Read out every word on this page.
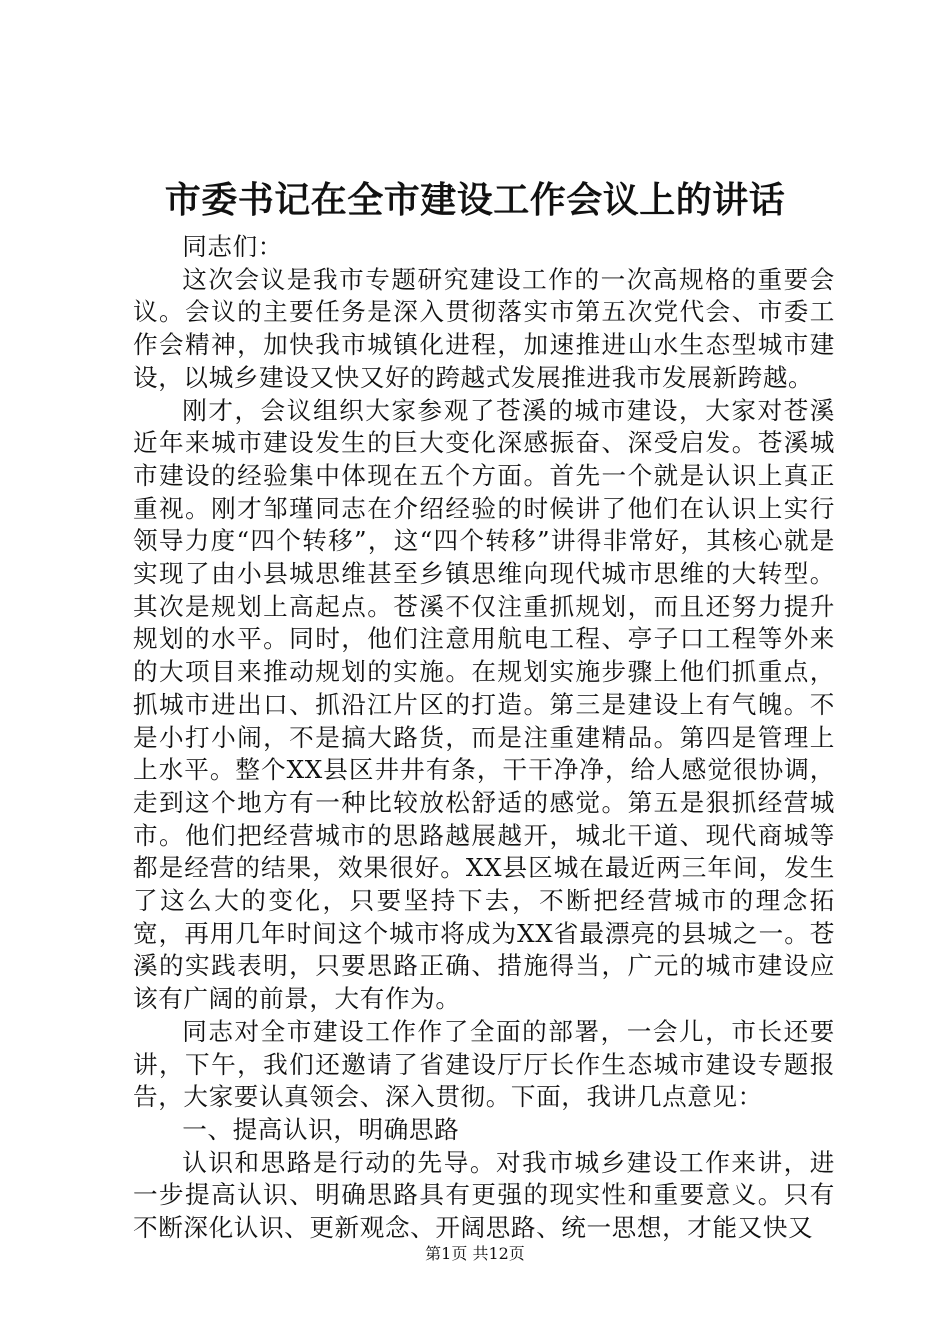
市委书记在全市建设工作会议上的讲话

同志们：

这次会议是我市专题研究建设工作的一次高规格的重要会议。会议的主要任务是深入贯彻落实市第五次党代会、市委工作会精神，加快我市城镇化进程，加速推进山水生态型城市建设，以城乡建设又快又好的跨越式发展推进我市发展新跨越。

刚才，会议组织大家参观了苍溪的城市建设，大家对苍溪近年来城市建设发生的巨大变化深感振奋、深受启发。苍溪城市建设的经验集中体现在五个方面。首先一个就是认识上真正重视。刚才邹瑾同志在介绍经验的时候讲了他们在认识上实行领导力度“四个转移”，这“四个转移”讲得非常好，其核心就是实现了由小县城思维甚至乡镇思维向现代城市思维的大转型。其次是规划上高起点。苍溪不仅注重抓规划，而且还努力提升规划的水平。同时，他们注意用航电工程、亭子口工程等外来的大项目来推动规划的实施。在规划实施步骤上他们抓重点，抓城市进出口、抓沿江片区的打造。第三是建设上有气魄。不是小打小闹，不是搞大路货，而是注重建精品。第四是管理上上水平。整个XX县区井井有条，干干净净，给人感觉很协调，走到这个地方有一种比较放松舒适的感觉。第五是狠抓经营城市。他们把经营城市的思路越展越开，城北干道、现代商城等都是经营的结果，效果很好。XX县区城在最近两三年间，发生了这么大的变化，只要坚持下去，不断把经营城市的理念拓宽，再用几年时间这个城市将成为XX省最漂亮的县城之一。苍溪的实践表明，只要思路正确、措施得当，广元的城市建设应该有广阔的前景，大有作为。

同志对全市建设工作作了全面的部署，一会儿，市长还要讲，下午，我们还邀请了省建设厅厅长作生态城市建设专题报告，大家要认真领会、深入贯彻。下面，我讲几点意见：

一、提高认识，明确思路

认识和思路是行动的先导。对我市城乡建设工作来讲，进一步提高认识、明确思路具有更强的现实性和重要意义。只有不断深化认识、更新观念、开阔思路、统一思想，才能又快又

第1页 共12页
